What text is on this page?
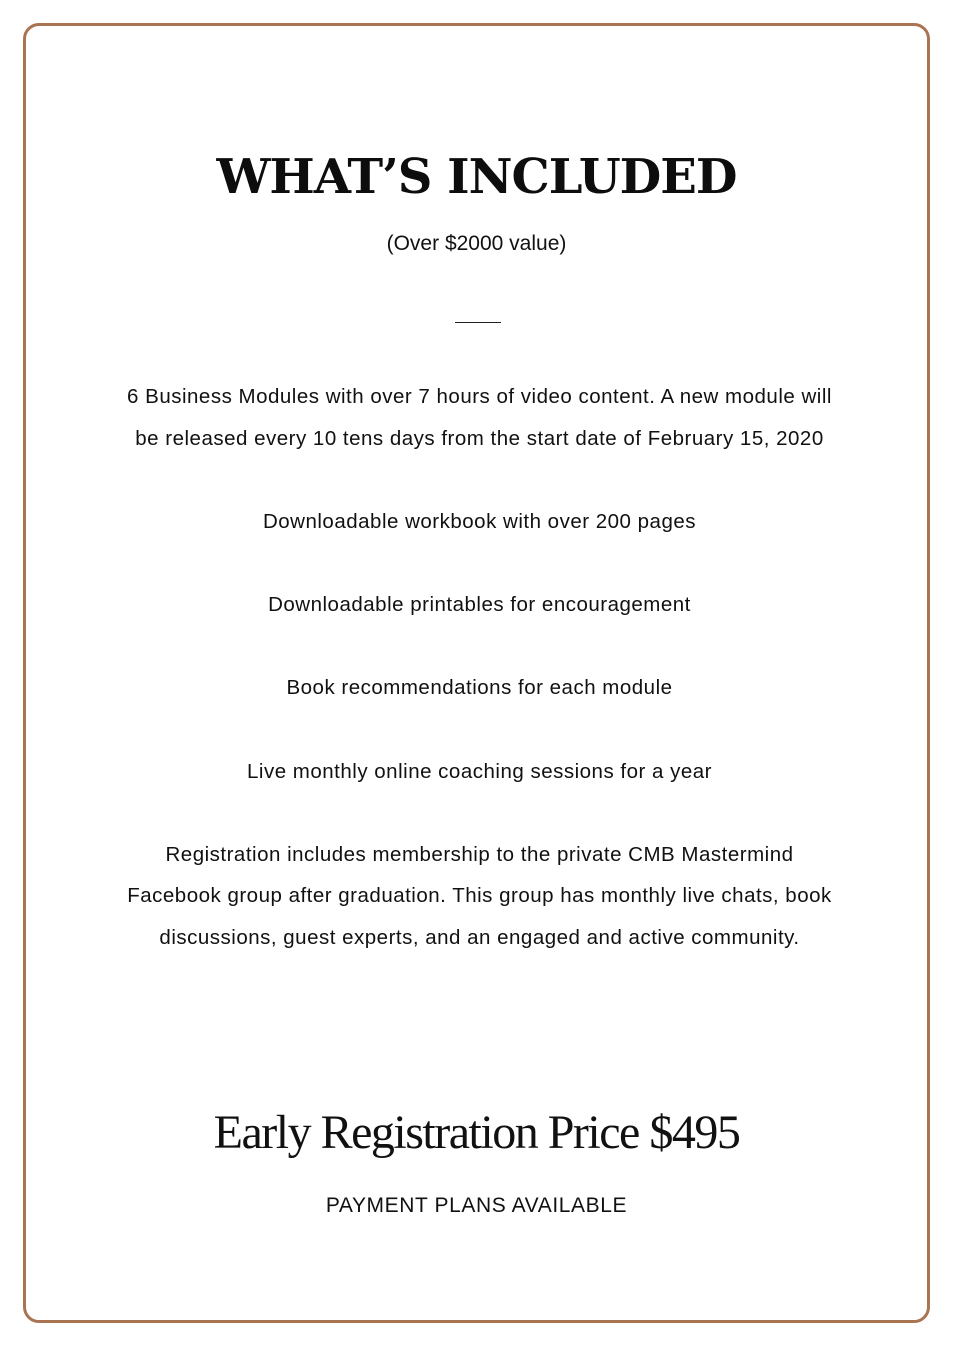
WHAT’S INCLUDED
(Over $2000 value)
6 Business Modules with over 7 hours of video content. A new module will be released every 10 tens days from the start date of February 15, 2020
Downloadable workbook with over 200 pages
Downloadable printables for encouragement
Book recommendations for each module
Live monthly online coaching sessions for a year
Registration includes membership to the private CMB Mastermind Facebook group after graduation. This group has monthly live chats, book discussions, guest experts, and an engaged and active community.
Early Registration Price $495
PAYMENT PLANS AVAILABLE
